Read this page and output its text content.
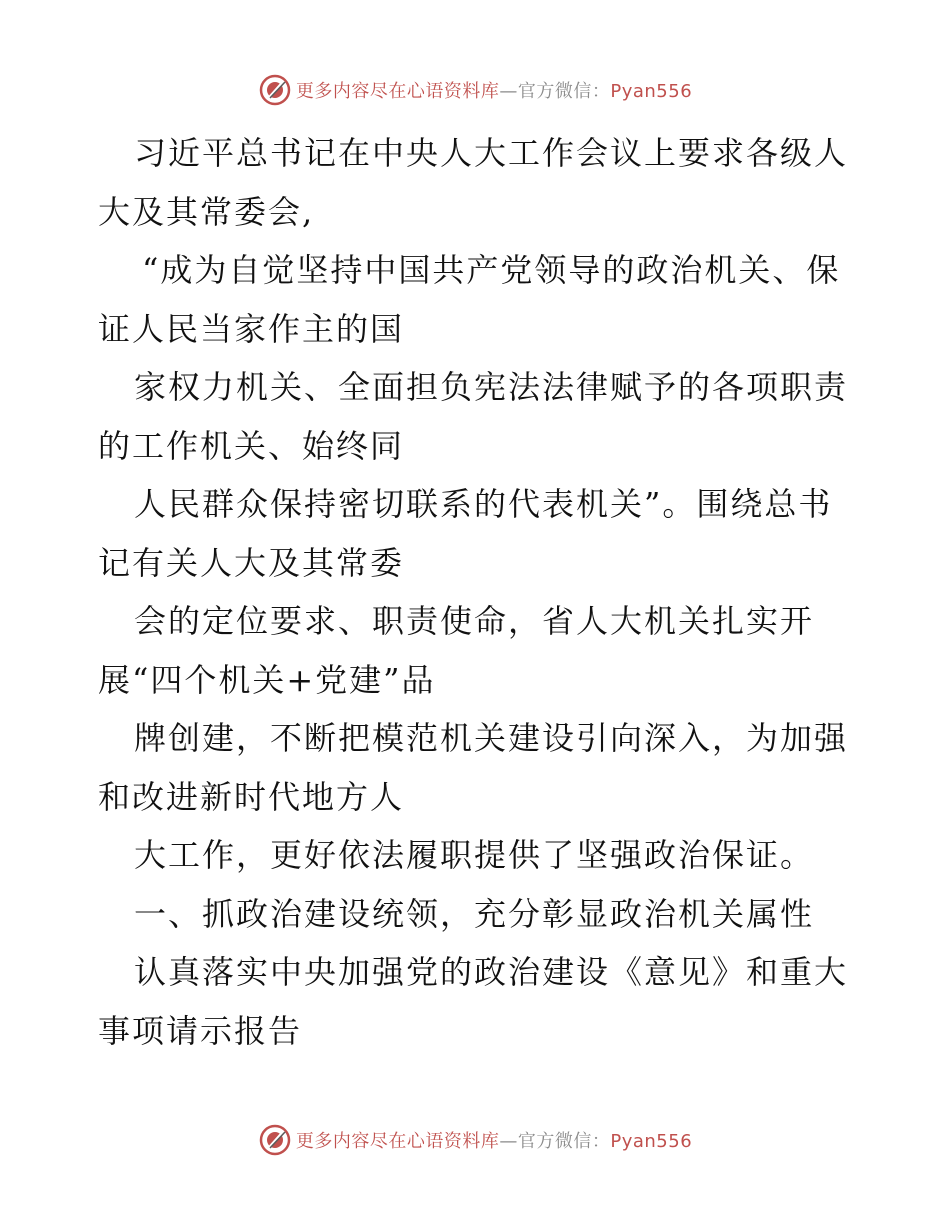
更多内容尽在心语资料库—官方微信：Pyan556
习近平总书记在中央人大工作会议上要求各级人
大及其常委会,
“成为自觉坚持中国共产党领导的政治机关、保
证人民当家作主的国
家权力机关、全面担负宪法法律赋予的各项职责
的工作机关、始终同
人民群众保持密切联系的代表机关”。围绕总书
记有关人大及其常委
会的定位要求、职责使命，省人大机关扎实开
展“四个机关+党建”品
牌创建，不断把模范机关建设引向深入，为加强
和改进新时代地方人
大工作，更好依法履职提供了坚强政治保证。
一、抓政治建设统领，充分彰显政治机关属性
认真落实中央加强党的政治建设《意见》和重大
事项请示报告
更多内容尽在心语资料库—官方微信：Pyan556
